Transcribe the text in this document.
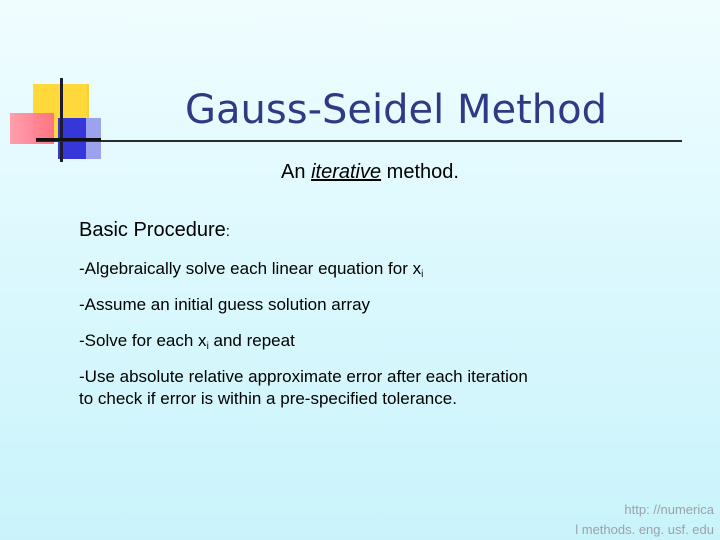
Gauss-Seidel Method
An iterative method.
Basic Procedure:
-Algebraically solve each linear equation for $x_i$
-Assume an initial guess solution array
-Solve for each $x_i$ and repeat
-Use absolute relative approximate error after each iteration
to check if error is within a pre-specified tolerance.
http: //numerica
l methods. eng. usf. edu
